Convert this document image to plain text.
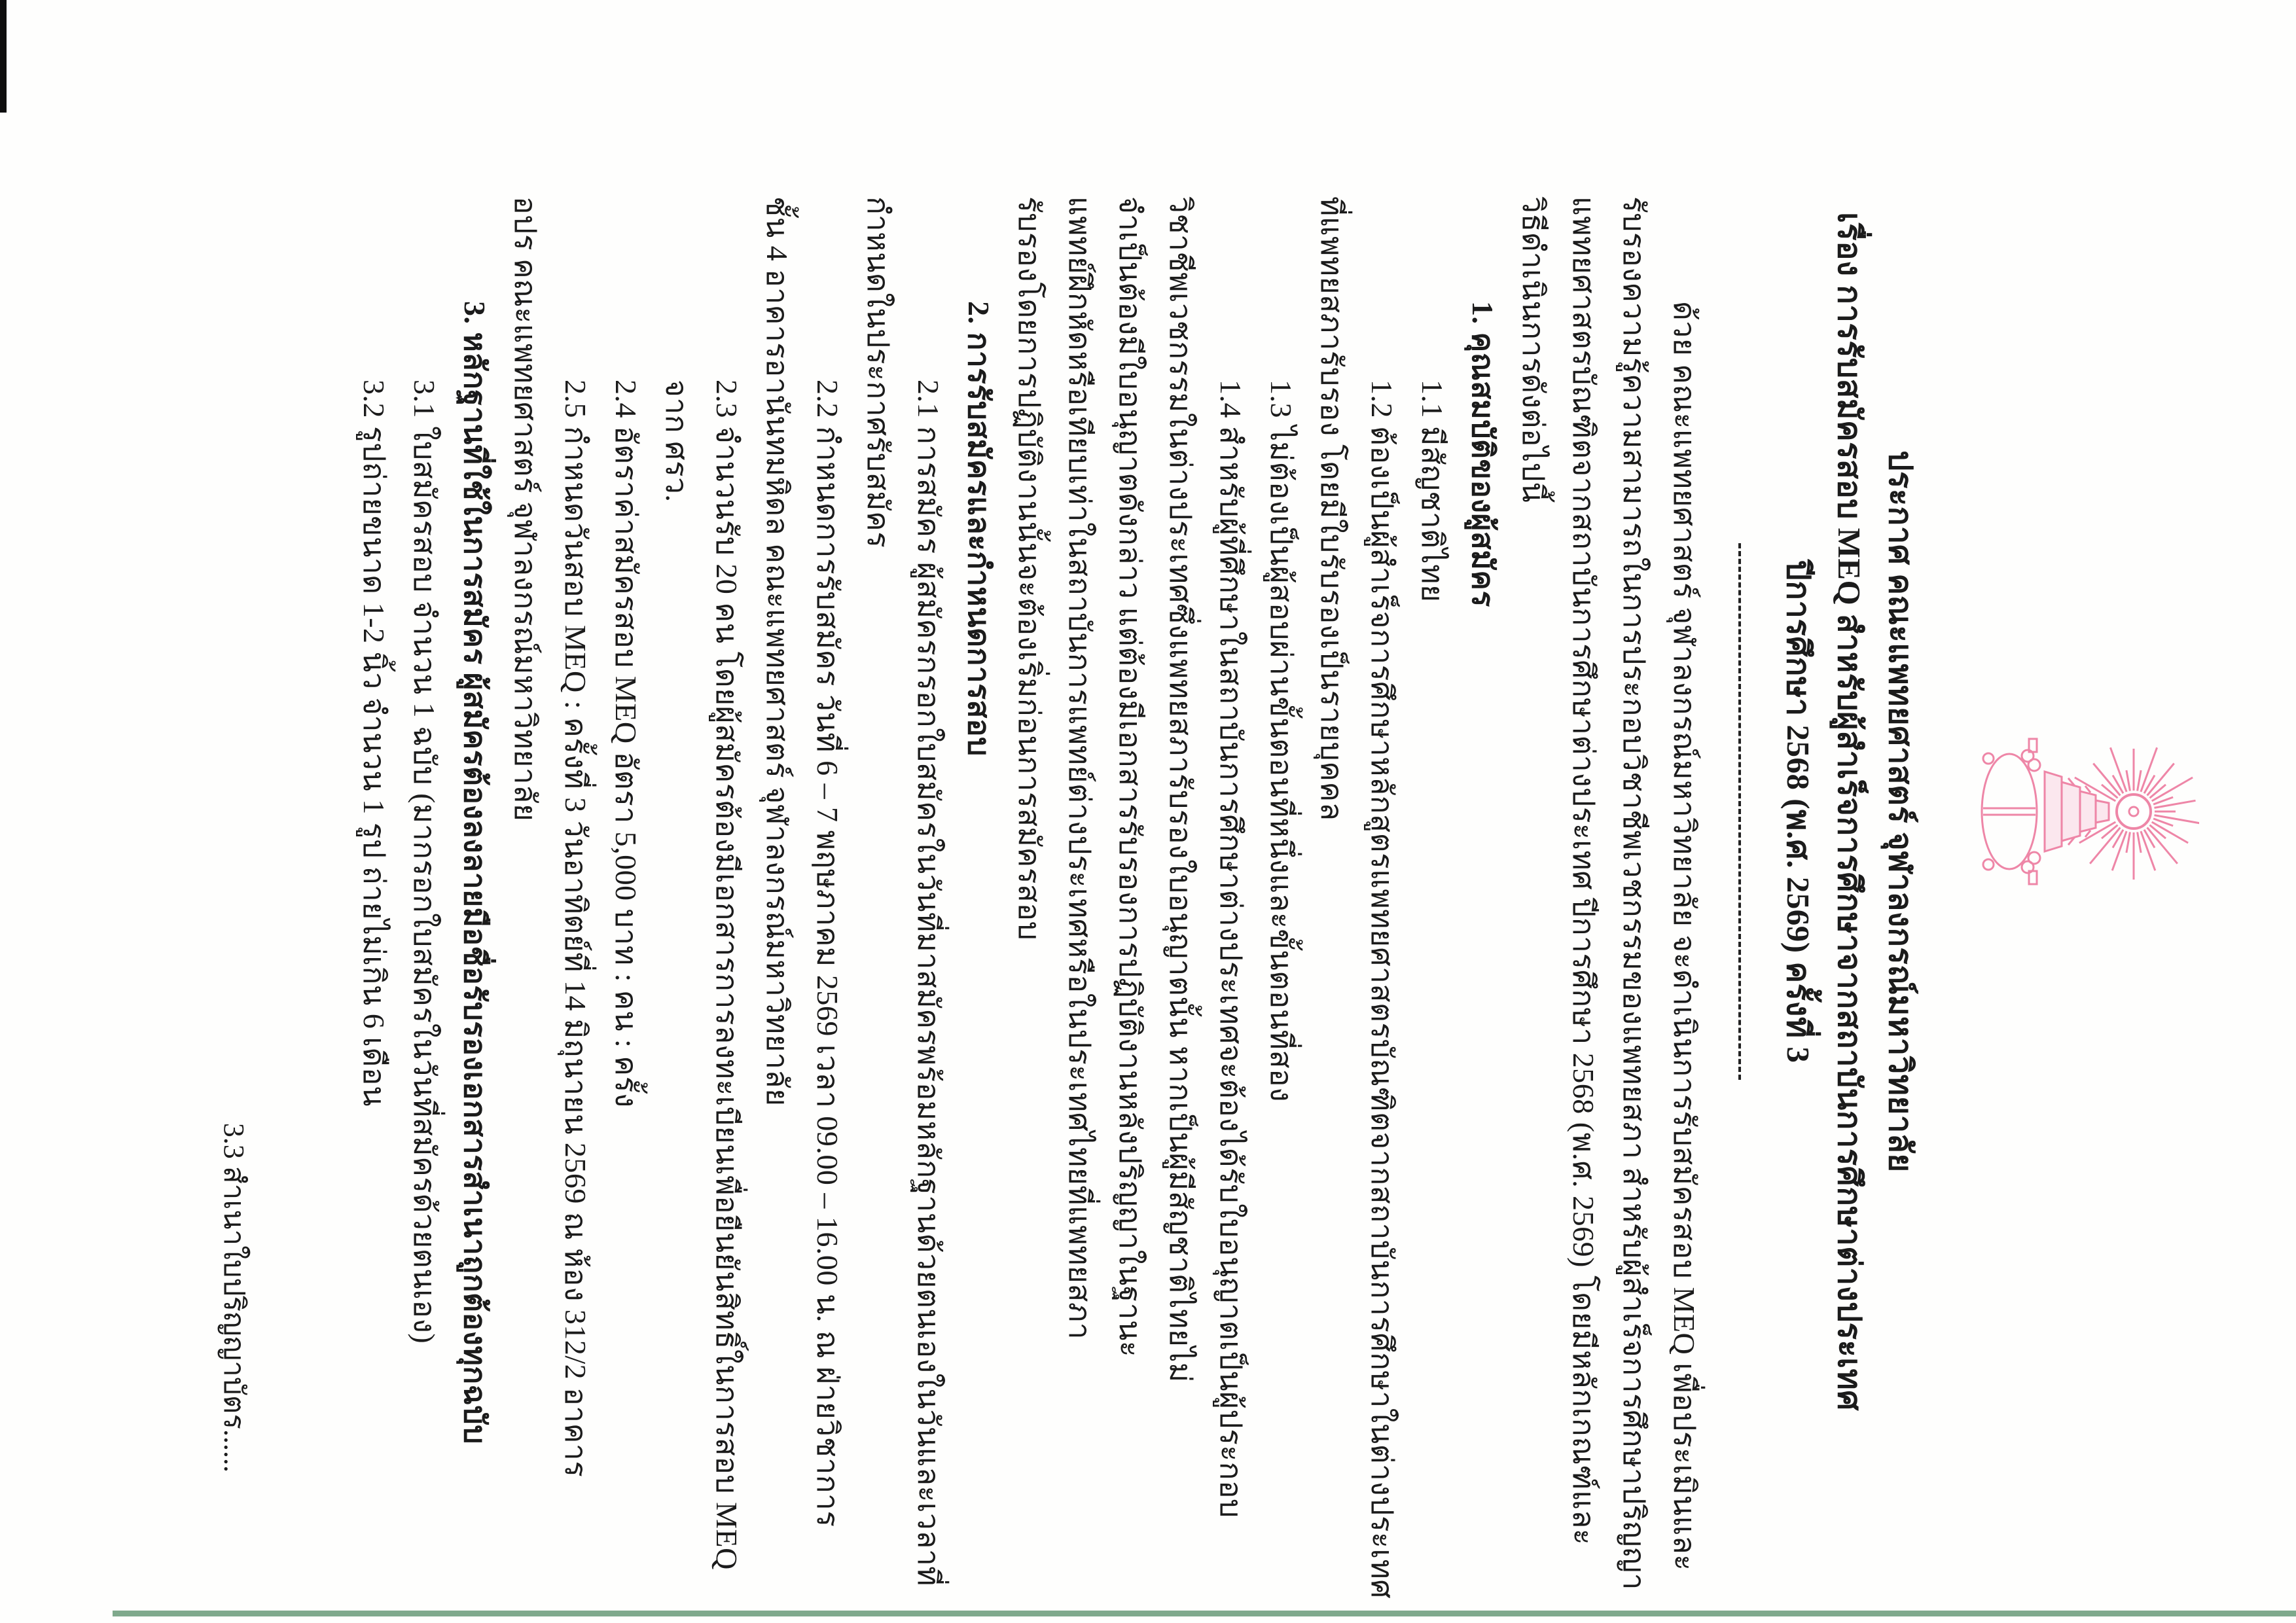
ประกาศ คณะแพทยศาสตร์ จุฬาลงกรณ์มหาวิทยาลัย
เรื่อง การรับสมัครสอบ MEQ สำหรับผู้สำเร็จการศึกษาจากสถาบันการศึกษาต่างประเทศ
ปีการศึกษา 2568 (พ.ศ. 2569) ครั้งที่ 3
ด้วย คณะแพทยศาสตร์ จุฬาลงกรณ์มหาวิทยาลัย จะดำเนินการรับสมัครสอบ MEQ เพื่อประเมินและ
รับรองความรู้ความสามารถในการประกอบวิชาชีพเวชกรรมของแพทยสภา สำหรับผู้สำเร็จการศึกษาปริญญา
แพทยศาสตรบัณฑิตจากสถาบันการศึกษาต่างประเทศ ปีการศึกษา 2568 (พ.ศ. 2569) โดยมีหลักเกณฑ์และ
วิธีดำเนินการดังต่อไปนี้
1. คุณสมบัติของผู้สมัคร
1.1 มีสัญชาติไทย
1.2 ต้องเป็นผู้สำเร็จการศึกษาหลักสูตรแพทยศาสตรบัณฑิตจากสถาบันการศึกษาในต่างประเทศ
ที่แพทยสภารับรอง โดยมีใบรับรองเป็นรายบุคคล
1.3 ไม่ต้องเป็นผู้สอบผ่านขั้นตอนที่หนึ่งและขั้นตอนที่สอง
1.4 สำหรับผู้ที่ศึกษาในสถาบันการศึกษาต่างประเทศจะต้องได้รับใบอนุญาตเป็นผู้ประกอบ
วิชาชีพเวชกรรมในต่างประเทศซึ่งแพทยสภารับรองใบอนุญาตนั้น หากเป็นผู้มีสัญชาติไทยไม่
จำเป็นต้องมีใบอนุญาตดังกล่าว แต่ต้องมีเอกสารรับรองการปฏิบัติงานหลังปริญญาในฐานะ
แพทย์ฝึกหัดหรือเทียบเท่าในสถาบันการแพทย์ต่างประเทศหรือในประเทศไทยที่แพทยสภา
รับรองโดยการปฏิบัติงานนั้นจะต้องเริ่มก่อนการสมัครสอบ
2. การรับสมัครและกำหนดการสอบ
2.1 การสมัคร ผู้สมัครกรอกใบสมัครในวันที่มาสมัครพร้อมหลักฐานด้วยตนเองในวันและเวลาที่
กำหนดในประกาศรับสมัคร
2.2 กำหนดการรับสมัคร วันที่ 6 – 7 พฤษภาคม 2569 เวลา 09.00 – 16.00 น. ณ ฝ่ายวิชาการ
ชั้น 4 อาคารอานันทมหิดล คณะแพทยศาสตร์ จุฬาลงกรณ์มหาวิทยาลัย
2.3 จำนวนรับ 20 คน โดยผู้สมัครต้องมีเอกสารการลงทะเบียนเพื่อยืนยันสิทธิ์ในการสอบ MEQ
จาก ศรว.
2.4 อัตราค่าสมัครสอบ MEQ อัตรา 5,000 บาท : คน : ครั้ง
2.5 กำหนดวันสอบ MEQ : ครั้งที่ 3 วันอาทิตย์ที่ 14 มิถุนายน 2569 ณ ห้อง 312/2 อาคาร
อปร คณะแพทยศาสตร์ จุฬาลงกรณ์มหาวิทยาลัย
3. หลักฐานที่ใช้ในการสมัคร ผู้สมัครต้องลงลายมือชื่อรับรองเอกสารสำเนาถูกต้องทุกฉบับ
3.1 ใบสมัครสอบ จำนวน 1 ฉบับ (มากรอกใบสมัครในวันที่สมัครด้วยตนเอง)
3.2 รูปถ่ายขนาด 1-2 นิ้ว จำนวน 1 รูป ถ่ายไม่เกิน 6 เดือน
3.3 สำเนาใบปริญญาบัตร......
